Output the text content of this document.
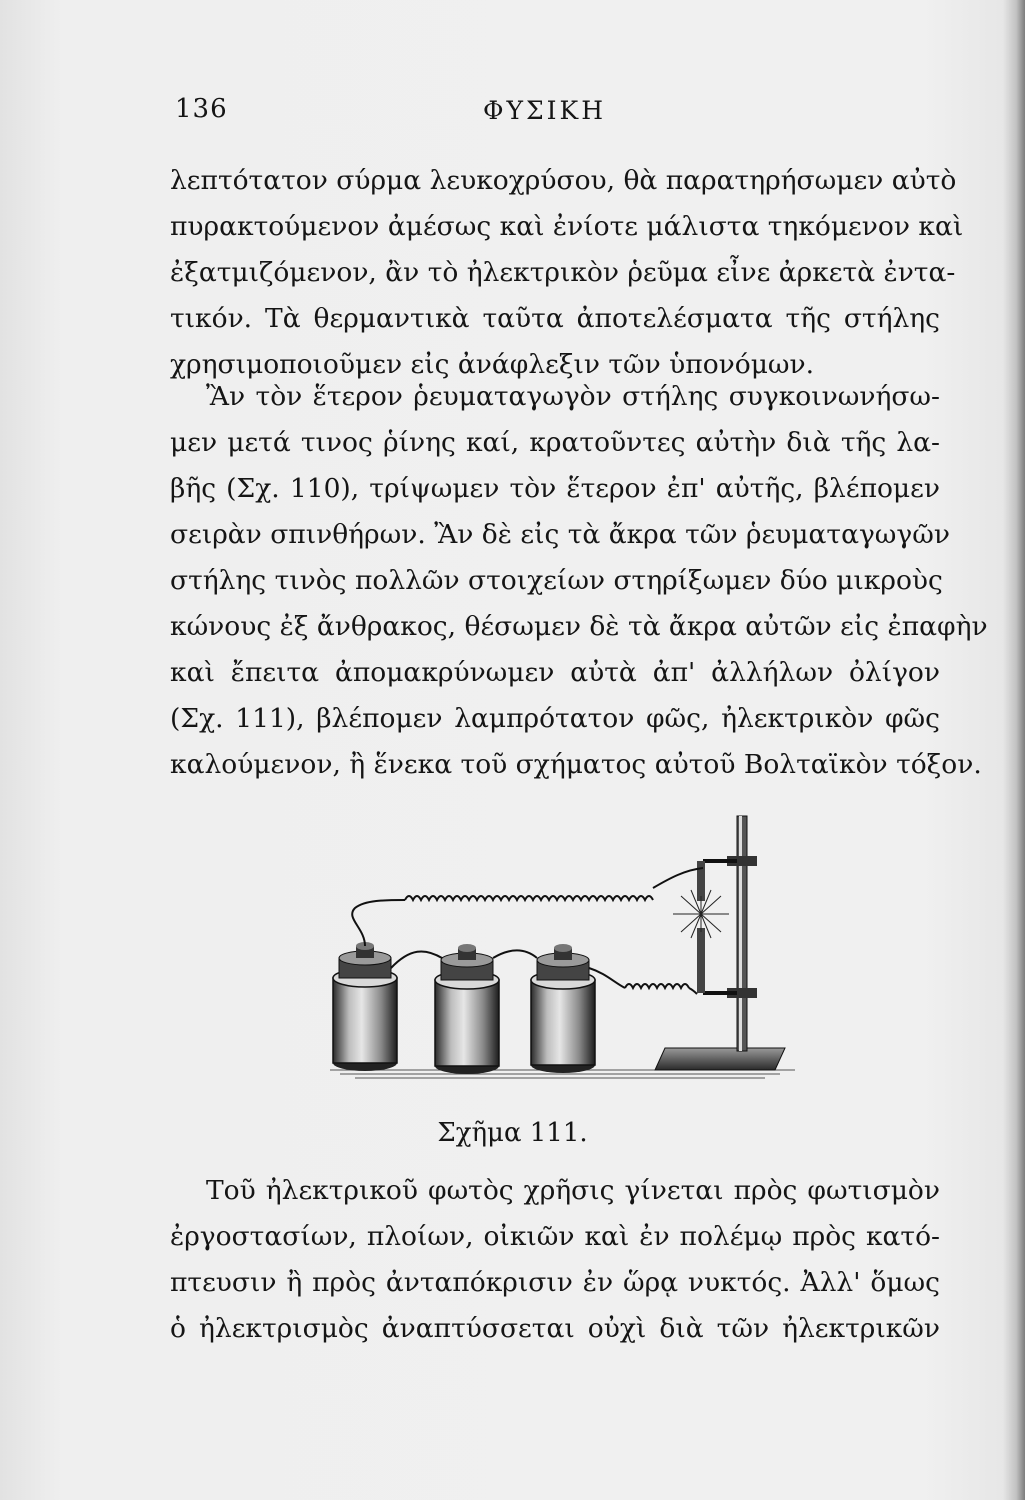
136	ΦΥΣΙΚΗ
λεπτότατον σύρμα λευκοχρύσου, θὰ παρατηρήσωμεν αὐτὸ
πυρακτούμενον ἀμέσως καὶ ἐνίοτε μάλιστα τηκόμενον καὶ
ἐξατμιζόμενον, ἂν τὸ ἠλεκτρικὸν ῥεῦμα εἶνε ἀρκετὰ ἐντα-
τικόν. Τὰ θερμαντικὰ ταῦτα ἀποτελέσματα τῆς στήλης
χρησιμοποιοῦμεν εἰς ἀνάφλεξιν τῶν ὑπονόμων.
Ἂν τὸν ἕτερον ῥευματαγωγὸν στήλης συγκοινωνήσω-
μεν μετά τινος ῥίνης καί, κρατοῦντες αὐτὴν διὰ τῆς λα-
βῆς (Σχ. 110), τρίψωμεν τὸν ἕτερον ἐπ' αὐτῆς, βλέπομεν
σειρὰν σπινθήρων. Ἂν δὲ εἰς τὰ ἄκρα τῶν ῥευματαγωγῶν
στήλης τινὸς πολλῶν στοιχείων στηρίξωμεν δύο μικροὺς
κώνους ἐξ ἄνθρακος, θέσωμεν δὲ τὰ ἄκρα αὐτῶν εἰς ἐπαφὴν
καὶ ἔπειτα ἀπομακρύνωμεν αὐτὰ ἀπ' ἀλλήλων ὀλίγον
(Σχ. 111), βλέπομεν λαμπρότατον φῶς, ἠλεκτρικὸν φῶς
καλούμενον, ἢ ἕνεκα τοῦ σχήματος αὐτοῦ Βολταϊκὸν τόξον.
Σχῆμα 111.
Τοῦ ἠλεκτρικοῦ φωτὸς χρῆσις γίνεται πρὸς φωτισμὸν
ἐργοστασίων, πλοίων, οἰκιῶν καὶ ἐν πολέμῳ πρὸς κατό-
πτευσιν ἢ πρὸς ἀνταπόκρισιν ἐν ὥρᾳ νυκτός. Ἀλλ' ὅμως
ὁ ἠλεκτρισμὸς ἀναπτύσσεται οὐχὶ διὰ τῶν ἠλεκτρικῶν
